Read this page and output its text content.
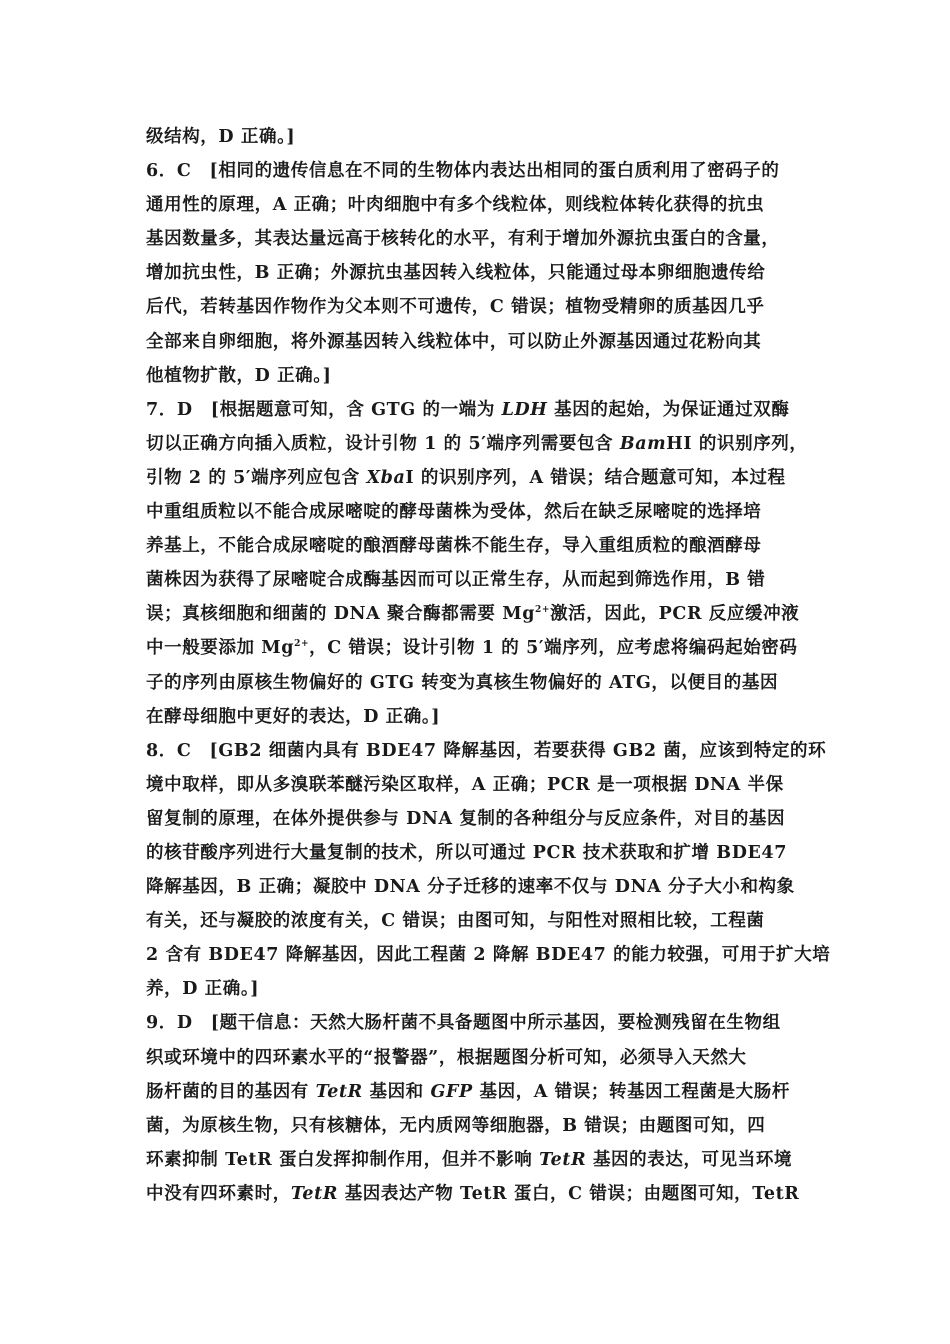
级结构，D 正确。]
6．C　[相同的遗传信息在不同的生物体内表达出相同的蛋白质利用了密码子的
通用性的原理，A 正确；叶肉细胞中有多个线粒体，则线粒体转化获得的抗虫
基因数量多，其表达量远高于核转化的水平，有利于增加外源抗虫蛋白的含量，
增加抗虫性，B 正确；外源抗虫基因转入线粒体，只能通过母本卵细胞遗传给
后代，若转基因作物作为父本则不可遗传，C 错误；植物受精卵的质基因几乎
全部来自卵细胞，将外源基因转入线粒体中，可以防止外源基因通过花粉向其
他植物扩散，D 正确。]
7．D　[根据题意可知，含 GTG 的一端为 LDH 基因的起始，为保证通过双酶
切以正确方向插入质粒，设计引物 1 的 5′端序列需要包含 BamHⅠ 的识别序列，
引物 2 的 5′端序列应包含 XbaⅠ 的识别序列，A 错误；结合题意可知，本过程
中重组质粒以不能合成尿嘧啶的酵母菌株为受体，然后在缺乏尿嘧啶的选择培
养基上，不能合成尿嘧啶的酿酒酵母菌株不能生存，导入重组质粒的酿酒酵母
菌株因为获得了尿嘧啶合成酶基因而可以正常生存，从而起到筛选作用，B 错
误；真核细胞和细菌的 DNA 聚合酶都需要 $Mg^{2+}$激活，因此，PCR 反应缓冲液
中一般要添加 $Mg^{2+}$，C 错误；设计引物 1 的 5′端序列，应考虑将编码起始密码
子的序列由原核生物偏好的 GTG 转变为真核生物偏好的 ATG，以便目的基因
在酵母细胞中更好的表达，D 正确。]
8．C　[GB2 细菌内具有 BDE47 降解基因，若要获得 GB2 菌，应该到特定的环
境中取样，即从多溴联苯醚污染区取样，A 正确；PCR 是一项根据 DNA 半保
留复制的原理，在体外提供参与 DNA 复制的各种组分与反应条件，对目的基因
的核苷酸序列进行大量复制的技术，所以可通过 PCR 技术获取和扩增 BDE47
降解基因，B 正确；凝胶中 DNA 分子迁移的速率不仅与 DNA 分子大小和构象
有关，还与凝胶的浓度有关，C 错误；由图可知，与阳性对照相比较，工程菌
2 含有 BDE47 降解基因，因此工程菌 2 降解 BDE47 的能力较强，可用于扩大培
养，D 正确。]
9．D　[题干信息：天然大肠杆菌不具备题图中所示基因，要检测残留在生物组
织或环境中的四环素水平的“报警器”，根据题图分析可知，必须导入天然大
肠杆菌的目的基因有 TetR 基因和 GFP 基因，A 错误；转基因工程菌是大肠杆
菌，为原核生物，只有核糖体，无内质网等细胞器，B 错误；由题图可知，四
环素抑制 TetR 蛋白发挥抑制作用，但并不影响 TetR 基因的表达，可见当环境
中没有四环素时，TetR 基因表达产物 TetR 蛋白，C 错误；由题图可知，TetR
